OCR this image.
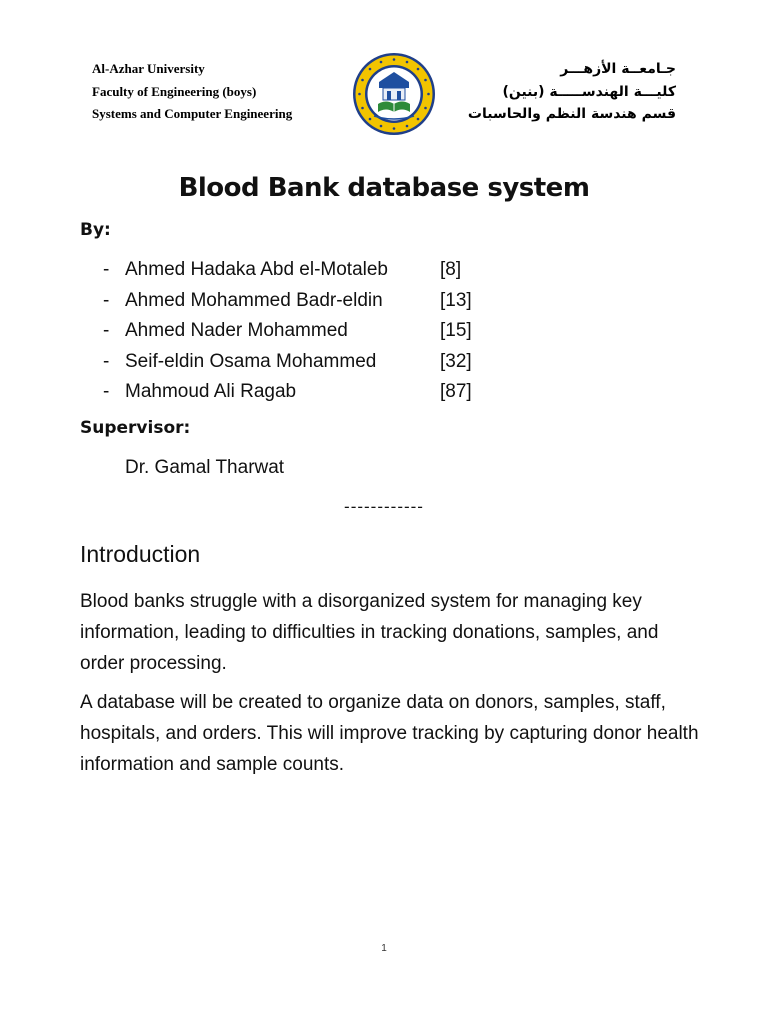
Al-Azhar University
Faculty of Engineering (boys)
Systems and Computer Engineering
جـامعــة الأزهـــر
كليـــة الهندســـــة (بنين)
قسم هندسة النظم والحاسبات
Blood Bank database system
By:
- Ahmed Hadaka Abd el-Motaleb	[8]
- Ahmed Mohammed Badr-eldin	[13]
- Ahmed Nader Mohammed	[15]
- Seif-eldin Osama Mohammed	[32]
- Mahmoud Ali Ragab	[87]
Supervisor:
Dr. Gamal Tharwat
------------
Introduction
Blood banks struggle with a disorganized system for managing key information, leading to difficulties in tracking donations, samples, and order processing.
A database will be created to organize data on donors, samples, staff, hospitals, and orders. This will improve tracking by capturing donor health information and sample counts.
1
